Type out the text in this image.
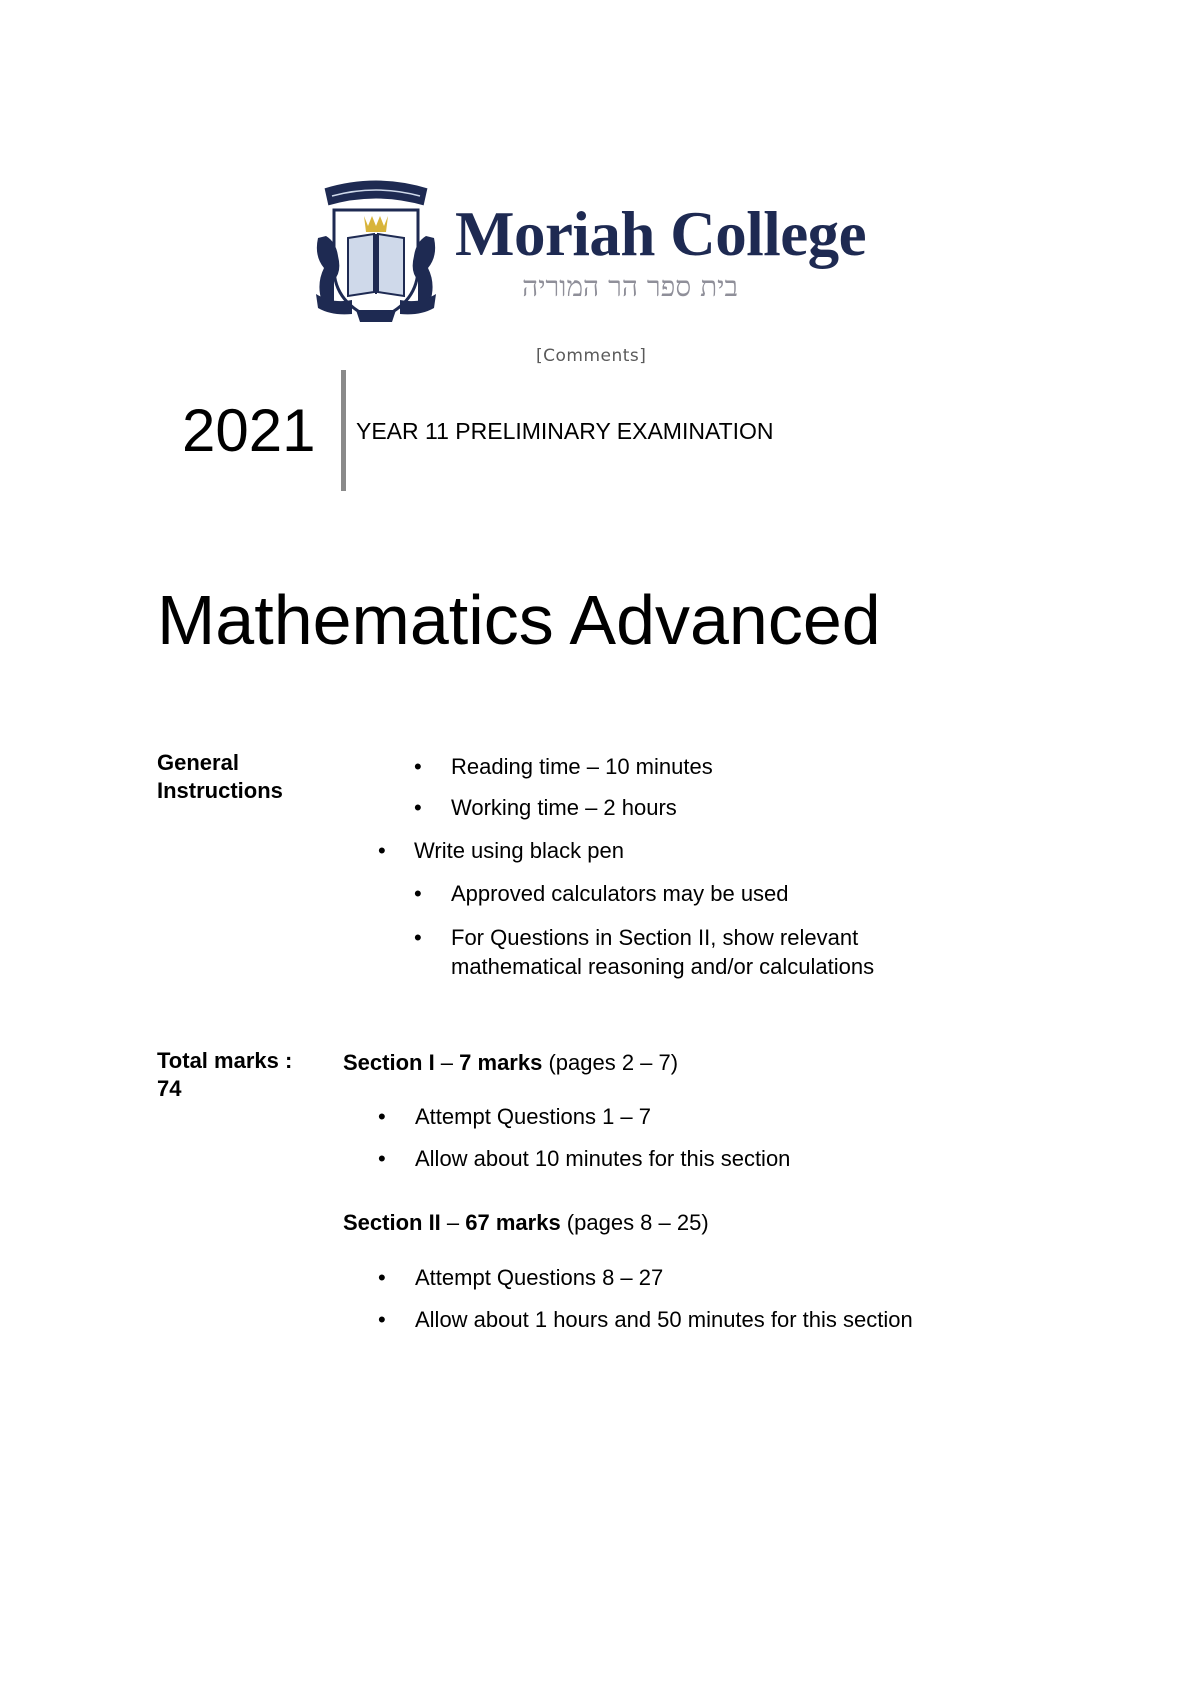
Moriah College
בית ספר הר המוריה
[Comments]
2021 YEAR 11 PRELIMINARY EXAMINATION
Mathematics Advanced
General
Instructions
• Reading time – 10 minutes
• Working time – 2 hours
• Write using black pen
• Approved calculators may be used
• For Questions in Section II, show relevant
mathematical reasoning and/or calculations
Total marks :
74
Section I – 7 marks (pages 2 – 7)
• Attempt Questions 1 – 7
• Allow about 10 minutes for this section
Section II – 67 marks (pages 8 – 25)
• Attempt Questions 8 – 27
• Allow about 1 hours and 50 minutes for this section
